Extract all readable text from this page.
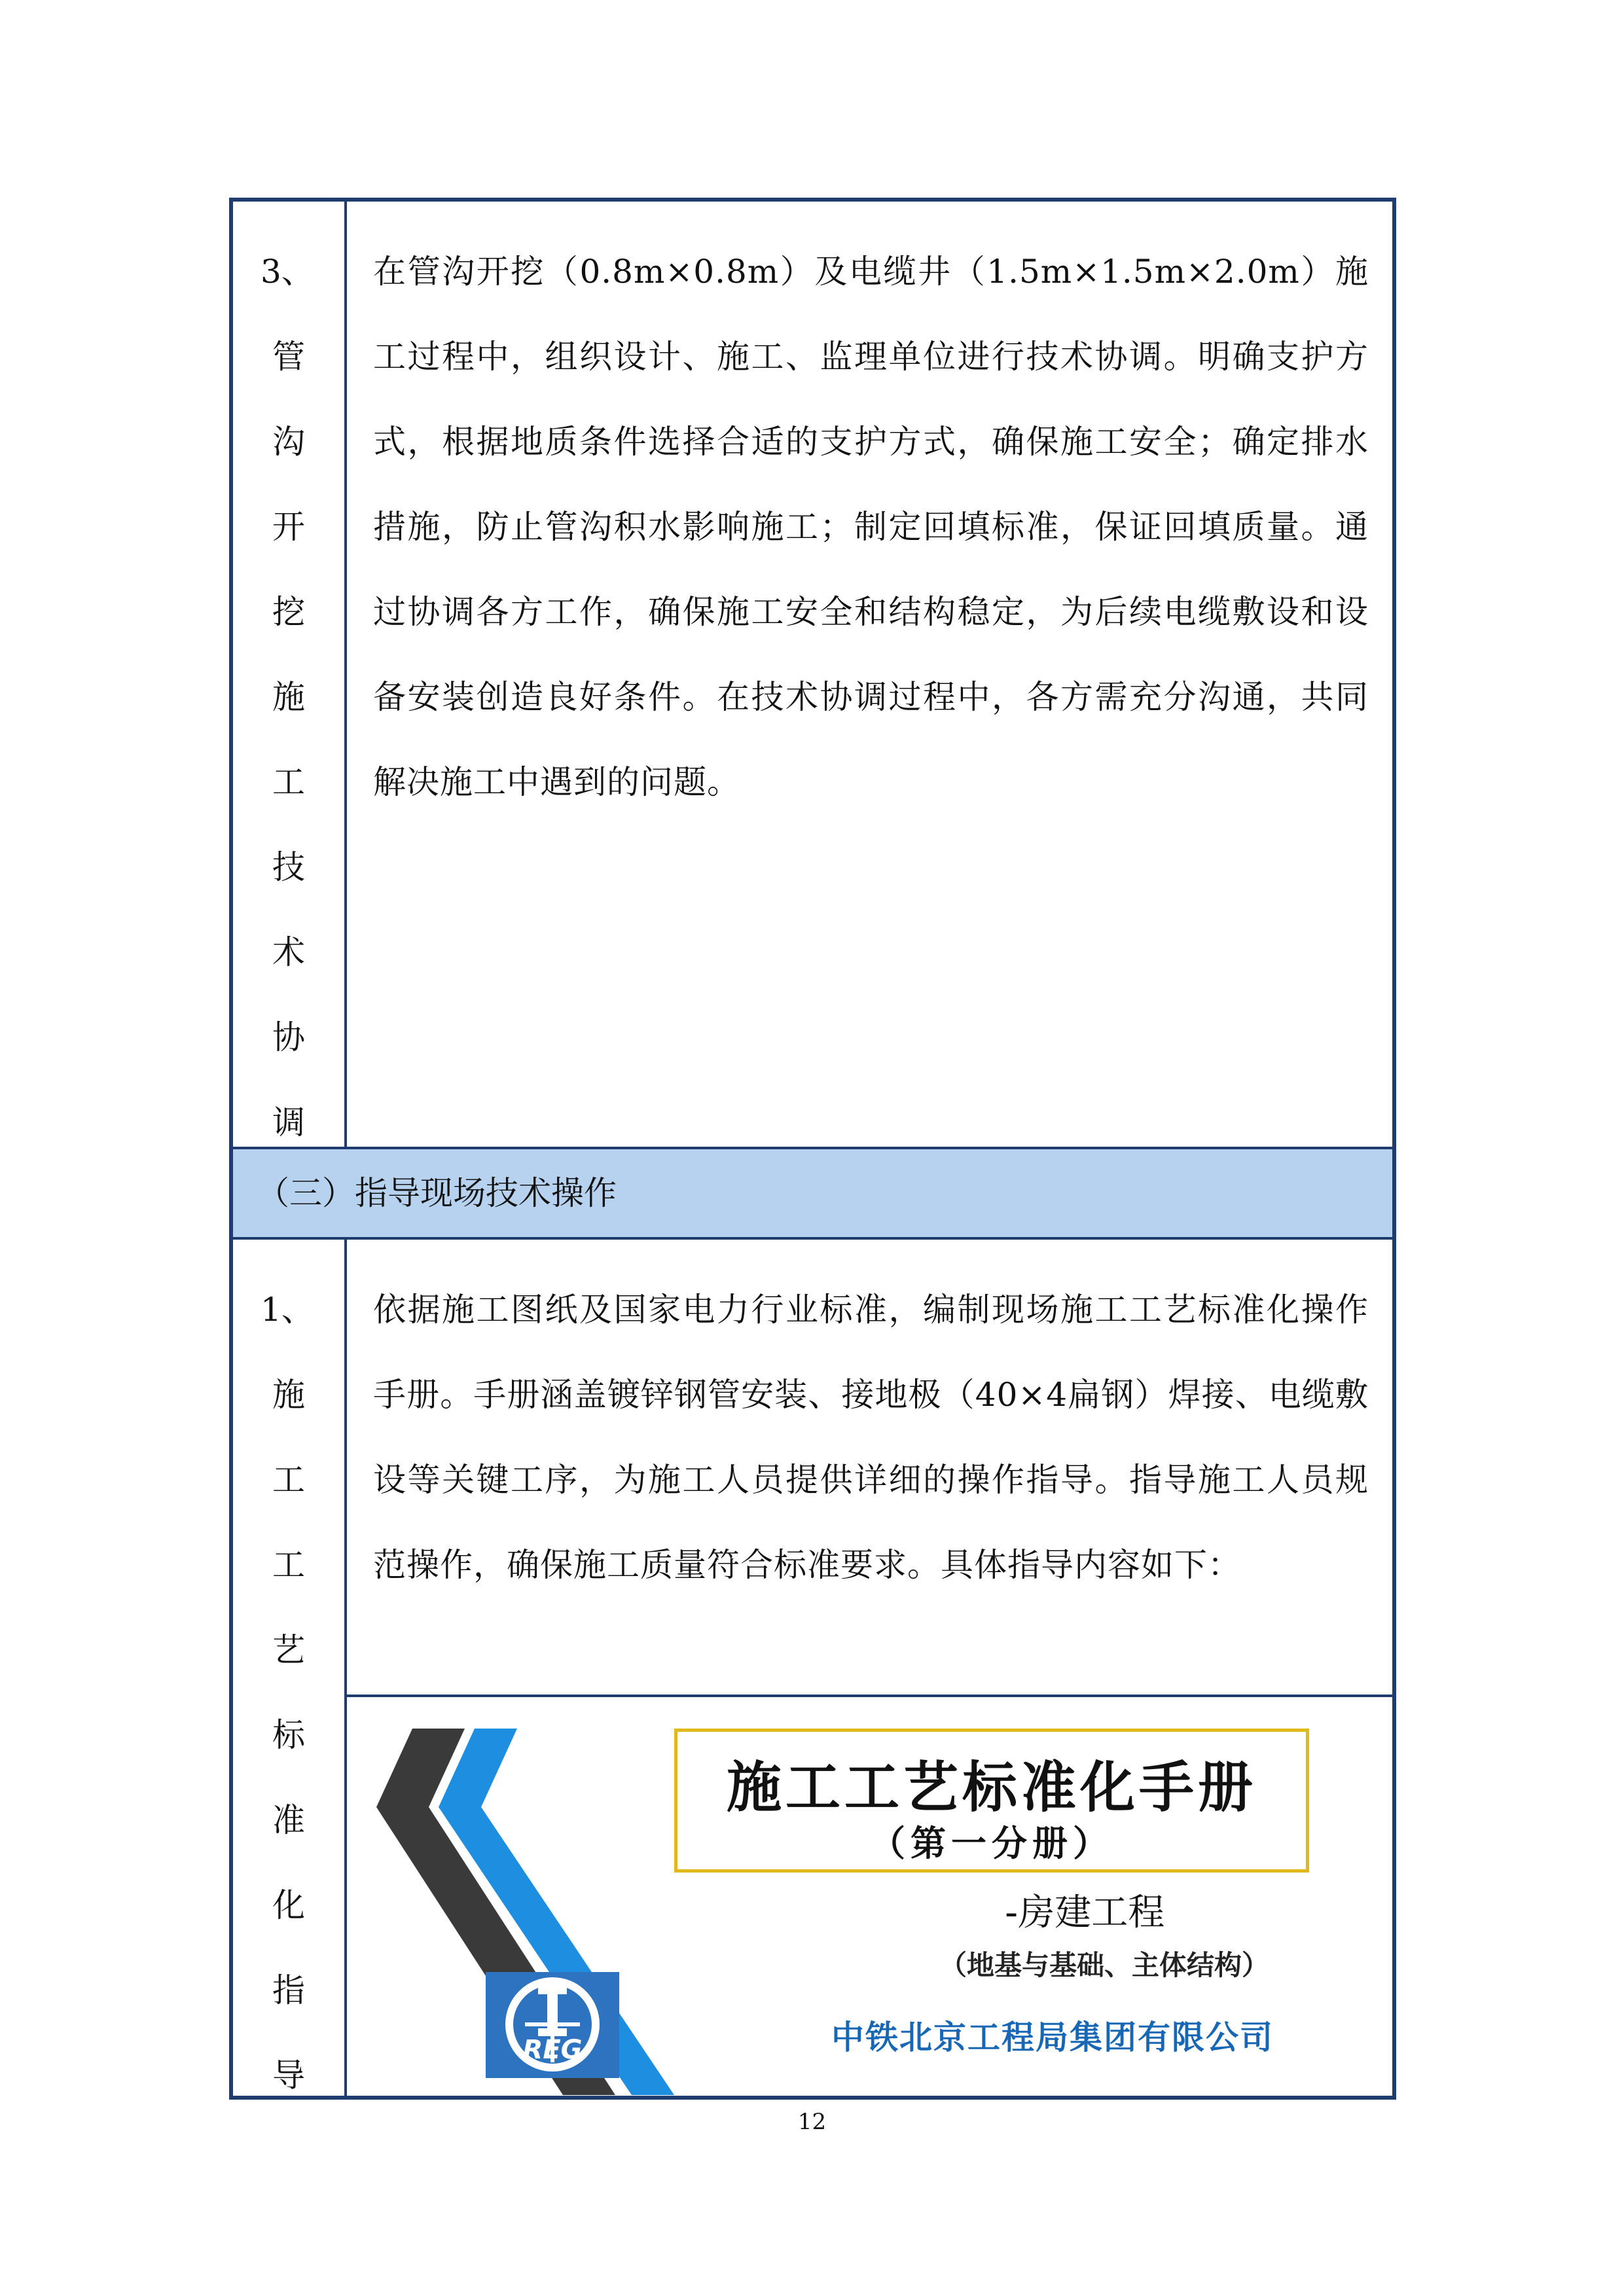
3、
管
沟
开
挖
施
工
技
术
协
调

在管沟开挖（0.8m×0.8m）及电缆井（1.5m×1.5m×2.0m）施工过程中，组织设计、施工、监理单位进行技术协调。明确支护方式，根据地质条件选择合适的支护方式，确保施工安全；确定排水措施，防止管沟积水影响施工；制定回填标准，保证回填质量。通过协调各方工作，确保施工安全和结构稳定，为后续电缆敷设和设备安装创造良好条件。在技术协调过程中，各方需充分沟通，共同解决施工中遇到的问题。

（三）指导现场技术操作

1、
施
工
工
艺
标
准
化
指
导

依据施工图纸及国家电力行业标准，编制现场施工工艺标准化操作手册。手册涵盖镀锌钢管安装、接地极（40×4扁钢）焊接、电缆敷设等关键工序，为施工人员提供详细的操作指导。指导施工人员规范操作，确保施工质量符合标准要求。具体指导内容如下：

施工工艺标准化手册

（第一分册）

-房建工程

（地基与基础、主体结构）

中铁北京工程局集团有限公司

REG

12
